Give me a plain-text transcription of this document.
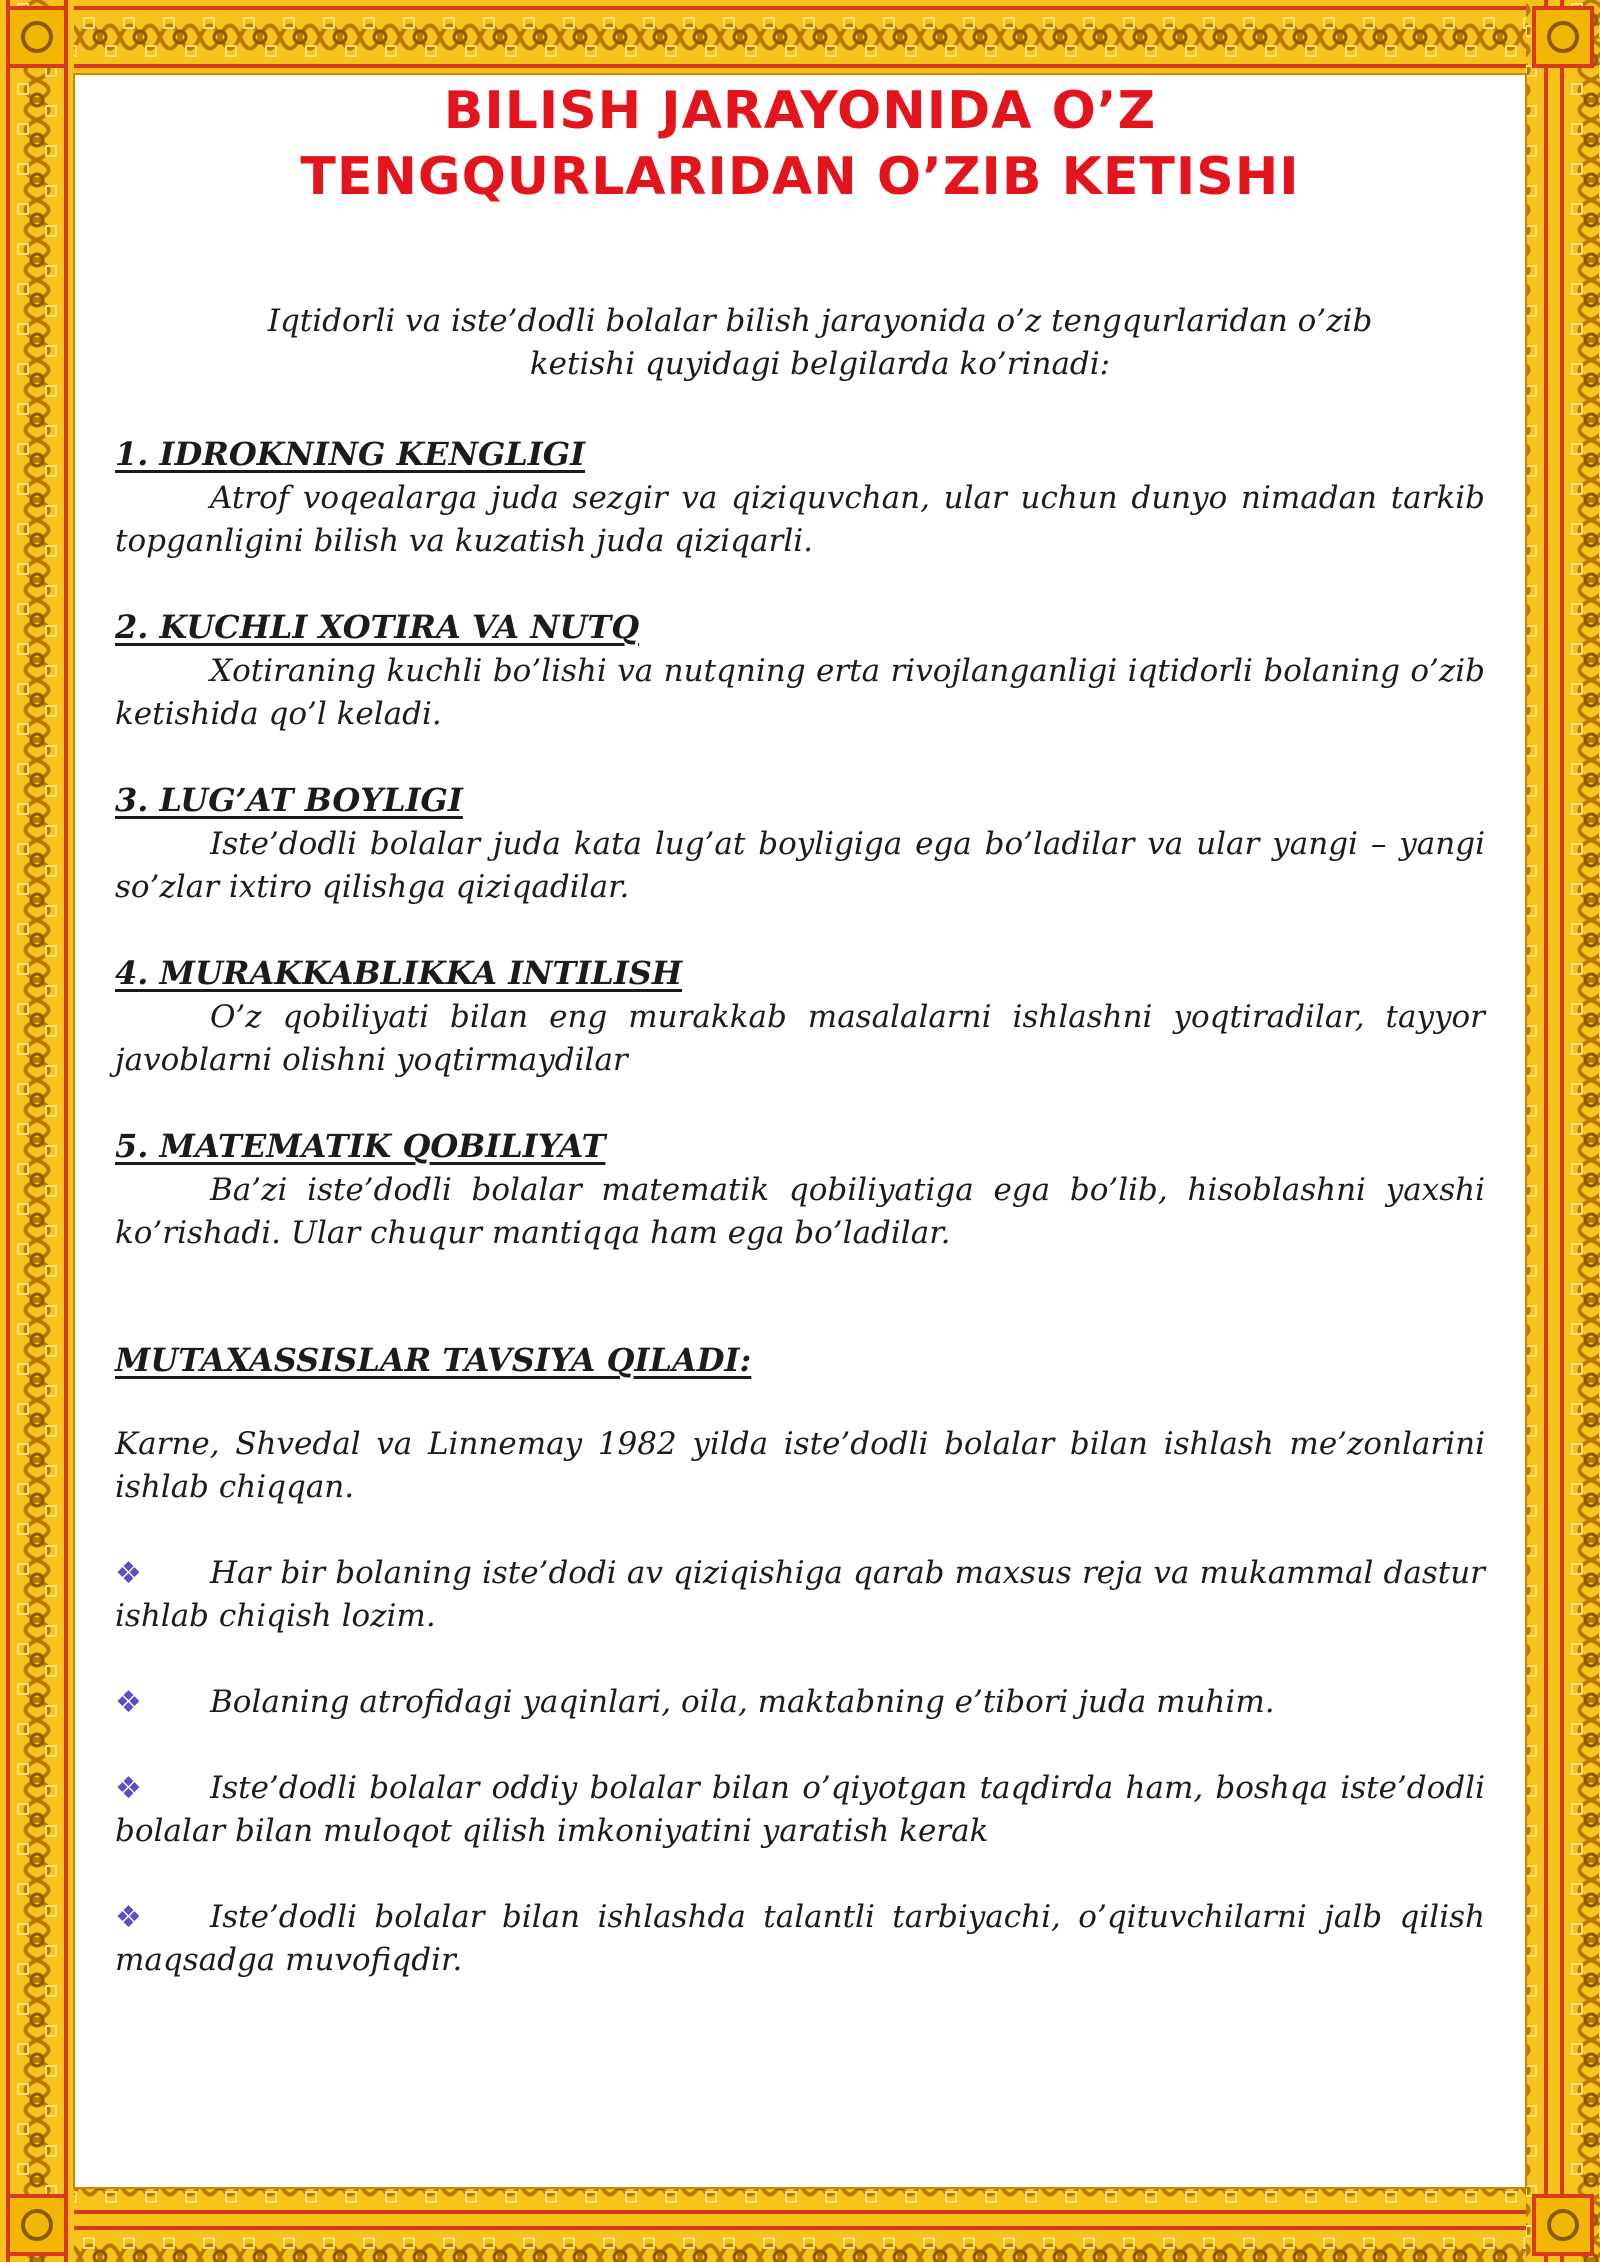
BILISH JARAYONIDA O’Z
TENGQURLARIDAN O’ZIB KETISHI

Iqtidorli va iste’dodli bolalar bilish jarayonida o’z tengqurlaridan o’zib ketishi quyidagi belgilarda ko’rinadi:

1. IDROKNING KENGLIGI

Atrof voqealarga juda sezgir va qiziquvchan, ular uchun dunyo nimadan tarkib topganligini bilish va kuzatish juda qiziqarli.

2. KUCHLI XOTIRA VA NUTQ

Xotiraning kuchli bo’lishi va nutqning erta rivojlanganligi iqtidorli bolaning o’zib ketishida qo’l keladi.

3. LUG’AT BOYLIGI

Iste’dodli bolalar juda kata lug’at boyligiga ega bo’ladilar va ular yangi – yangi so’zlar ixtiro qilishga qiziqadilar.

4. MURAKKABLIKKA INTILISH

O’z qobiliyati bilan eng murakkab masalalarni ishlashni yoqtiradilar, tayyor javoblarni olishni yoqtirmaydilar

5. MATEMATIK QOBILIYAT

Ba’zi iste’dodli bolalar matematik qobiliyatiga ega bo’lib, hisoblashni yaxshi ko’rishadi. Ular chuqur mantiqqa ham ega bo’ladilar.

MUTAXASSISLAR TAVSIYA QILADI:

Karne, Shvedal va Linnemay 1982 yilda iste’dodli bolalar bilan ishlash me’zonlarini ishlab chiqqan.

❖ Har bir bolaning iste’dodi av qiziqishiga qarab maxsus reja va mukammal dastur ishlab chiqish lozim.

❖ Bolaning atrofidagi yaqinlari, oila, maktabning e’tibori juda muhim.

❖ Iste’dodli bolalar oddiy bolalar bilan o’qiyotgan taqdirda ham, boshqa iste’dodli bolalar bilan muloqot qilish imkoniyatini yaratish kerak

❖ Iste’dodli bolalar bilan ishlashda talantli tarbiyachi, o’qituvchilarni jalb qilish maqsadga muvofiqdir.
